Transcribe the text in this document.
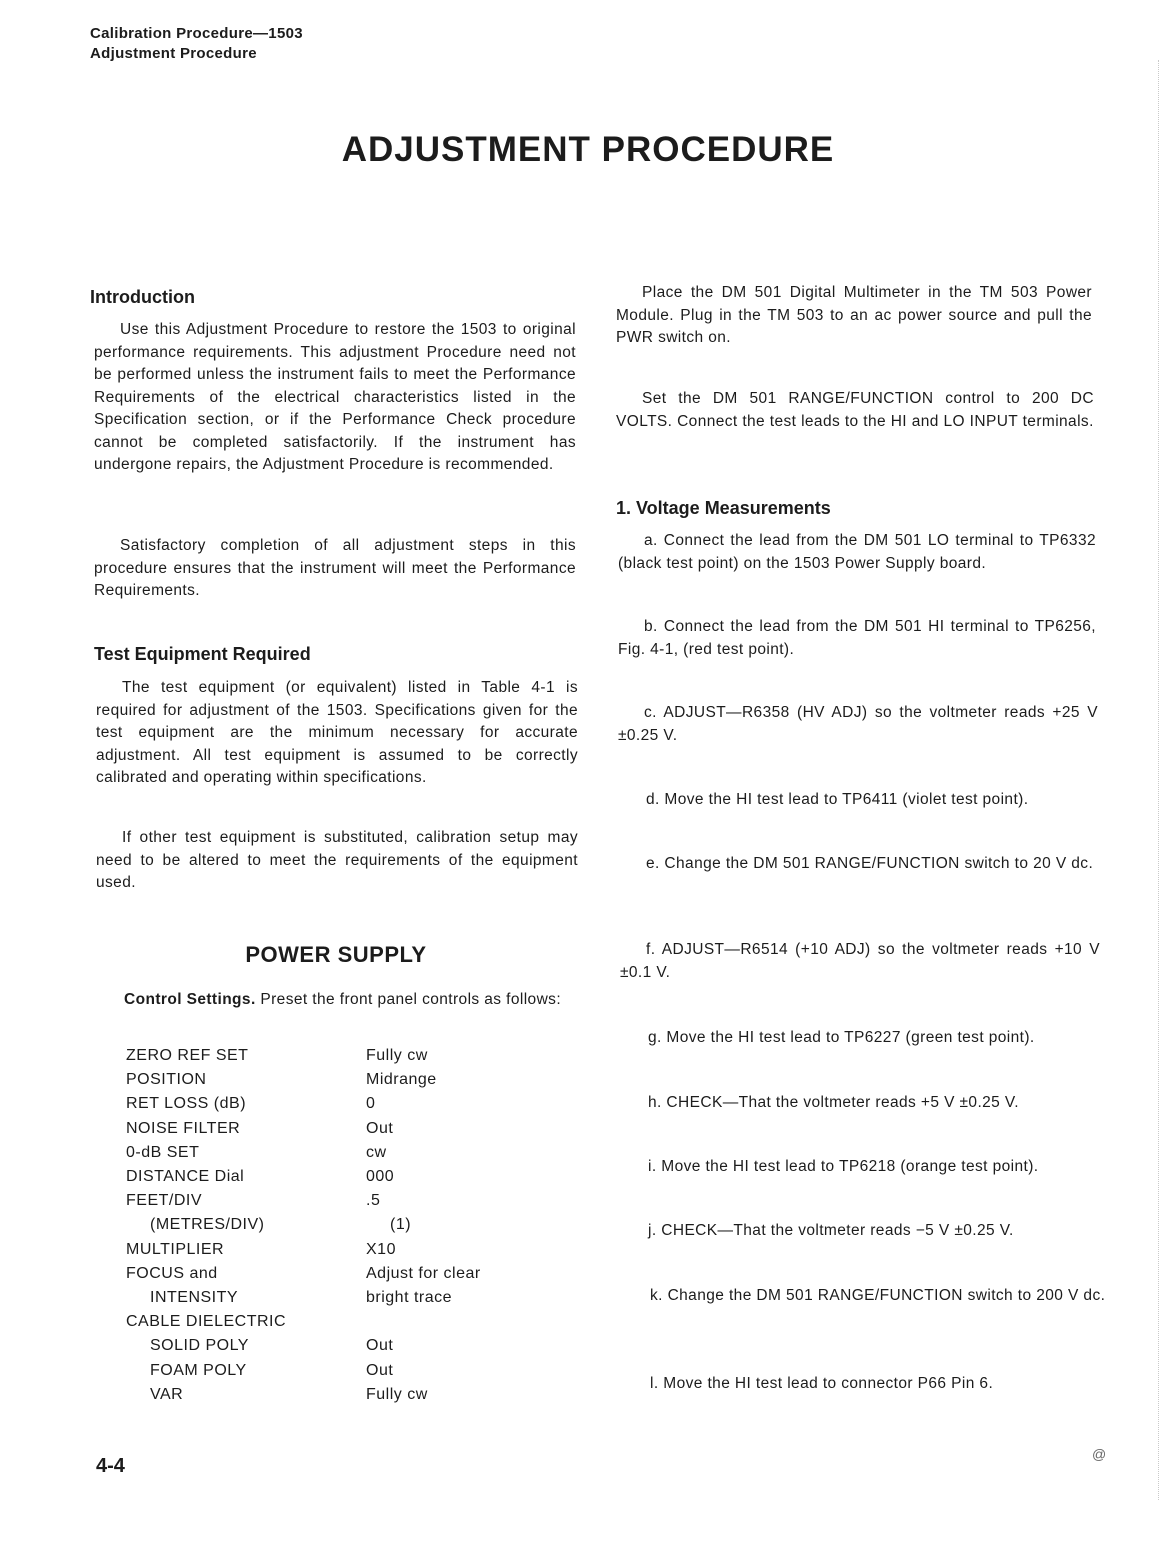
Calibration Procedure—1503
Adjustment Procedure
ADJUSTMENT PROCEDURE
Introduction
Use this Adjustment Procedure to restore the 1503 to original performance requirements. This adjustment Procedure need not be performed unless the instrument fails to meet the Performance Requirements of the electrical characteristics listed in the Specification section, or if the Performance Check procedure cannot be completed satisfactorily. If the instrument has undergone repairs, the Adjustment Procedure is recommended.
Satisfactory completion of all adjustment steps in this procedure ensures that the instrument will meet the Performance Requirements.
Test Equipment Required
The test equipment (or equivalent) listed in Table 4-1 is required for adjustment of the 1503. Specifications given for the test equipment are the minimum necessary for accurate adjustment. All test equipment is assumed to be correctly calibrated and operating within specifications.
If other test equipment is substituted, calibration setup may need to be altered to meet the requirements of the equipment used.
POWER SUPPLY
Control Settings. Preset the front panel controls as follows:
ZERO REF SET	Fully cw
POSITION	Midrange
RET LOSS (dB)	0
NOISE FILTER	Out
0-dB SET	cw
DISTANCE Dial	000
FEET/DIV	.5
(METRES/DIV)	(1)
MULTIPLIER	X10
FOCUS and	Adjust for clear
INTENSITY	bright trace
CABLE DIELECTRIC
SOLID POLY	Out
FOAM POLY	Out
VAR	Fully cw
Place the DM 501 Digital Multimeter in the TM 503 Power Module. Plug in the TM 503 to an ac power source and pull the PWR switch on.
Set the DM 501 RANGE/FUNCTION control to 200 DC VOLTS. Connect the test leads to the HI and LO INPUT terminals.
1. Voltage Measurements
a. Connect the lead from the DM 501 LO terminal to TP6332 (black test point) on the 1503 Power Supply board.
b. Connect the lead from the DM 501 HI terminal to TP6256, Fig. 4-1, (red test point).
c. ADJUST—R6358 (HV ADJ) so the voltmeter reads +25 V ±0.25 V.
d. Move the HI test lead to TP6411 (violet test point).
e. Change the DM 501 RANGE/FUNCTION switch to 20 V dc.
f. ADJUST—R6514 (+10 ADJ) so the voltmeter reads +10 V ±0.1 V.
g. Move the HI test lead to TP6227 (green test point).
h. CHECK—That the voltmeter reads +5 V ±0.25 V.
i. Move the HI test lead to TP6218 (orange test point).
j. CHECK—That the voltmeter reads −5 V ±0.25 V.
k. Change the DM 501 RANGE/FUNCTION switch to 200 V dc.
l. Move the HI test lead to connector P66 Pin 6.
4-4
@
